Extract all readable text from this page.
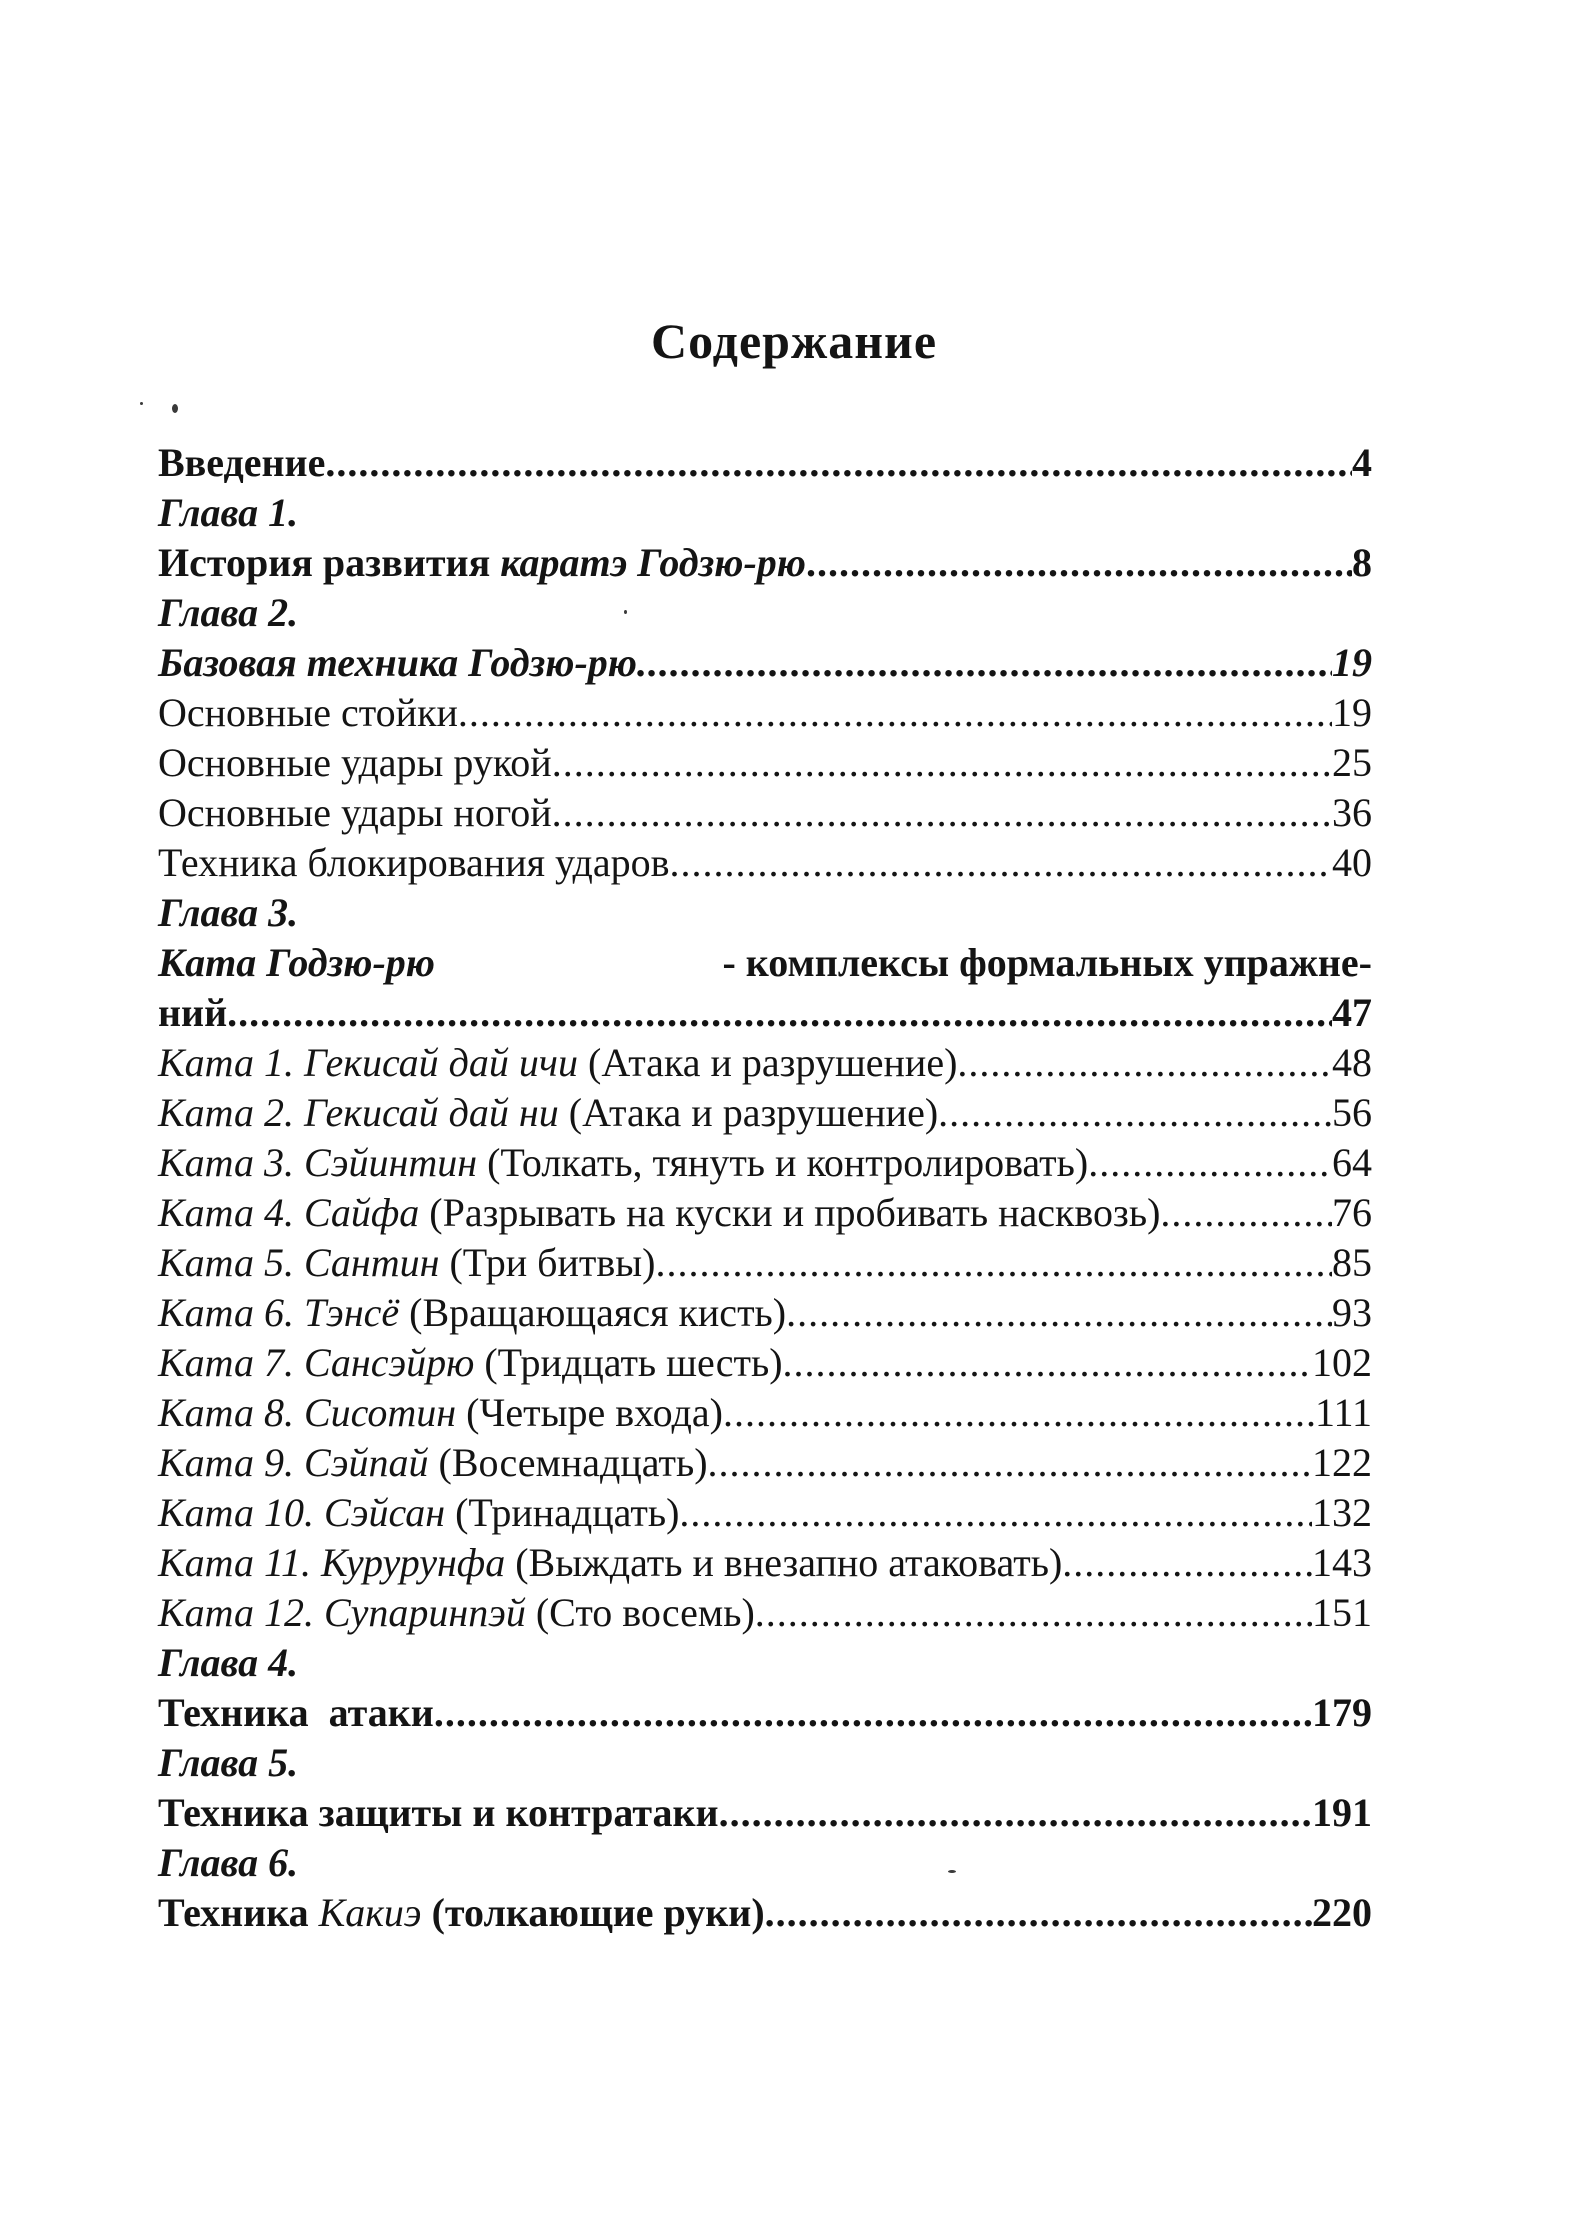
Содержание
Введение .....	4
Глава 1.
История развития каратэ Годзю-рю .....	8
Глава 2.
Базовая техника Годзю-рю .....	19
Основные стойки .....	19
Основные удары рукой .....	25
Основные удары ногой .....	36
Техника блокирования ударов .....	40
Глава 3.
Ката Годзю-рю	- комплексы формальных упражне-
ний .....	47
Ката 1. Гекисай дай ичи (Атака и разрушение) .....	48
Ката 2. Гекисай дай ни (Атака и разрушение) .....	56
Ката 3. Сэйинтин (Толкать, тянуть и контролировать) .....	64
Ката 4. Сайфа (Разрывать на куски и пробивать насквозь) .....	76
Ката 5. Сантин (Три битвы) .....	85
Ката 6. Тэнсё (Вращающаяся кисть) .....	93
Ката 7. Сансэйрю (Тридцать шесть) .....	102
Ката 8. Сисотин (Четыре входа) .....	111
Ката 9. Сэйпай (Восемнадцать) .....	122
Ката 10. Сэйсан (Тринадцать) .....	132
Ката 11. Курурунфа (Выждать и внезапно атаковать) .....	143
Ката 12. Супаринпэй (Сто восемь) .....	151
Глава 4.
Техника  атаки .....	179
Глава 5.
Техника защиты и контратаки .....	191
Глава 6.
Техника Какиэ (толкающие руки) .....	220
